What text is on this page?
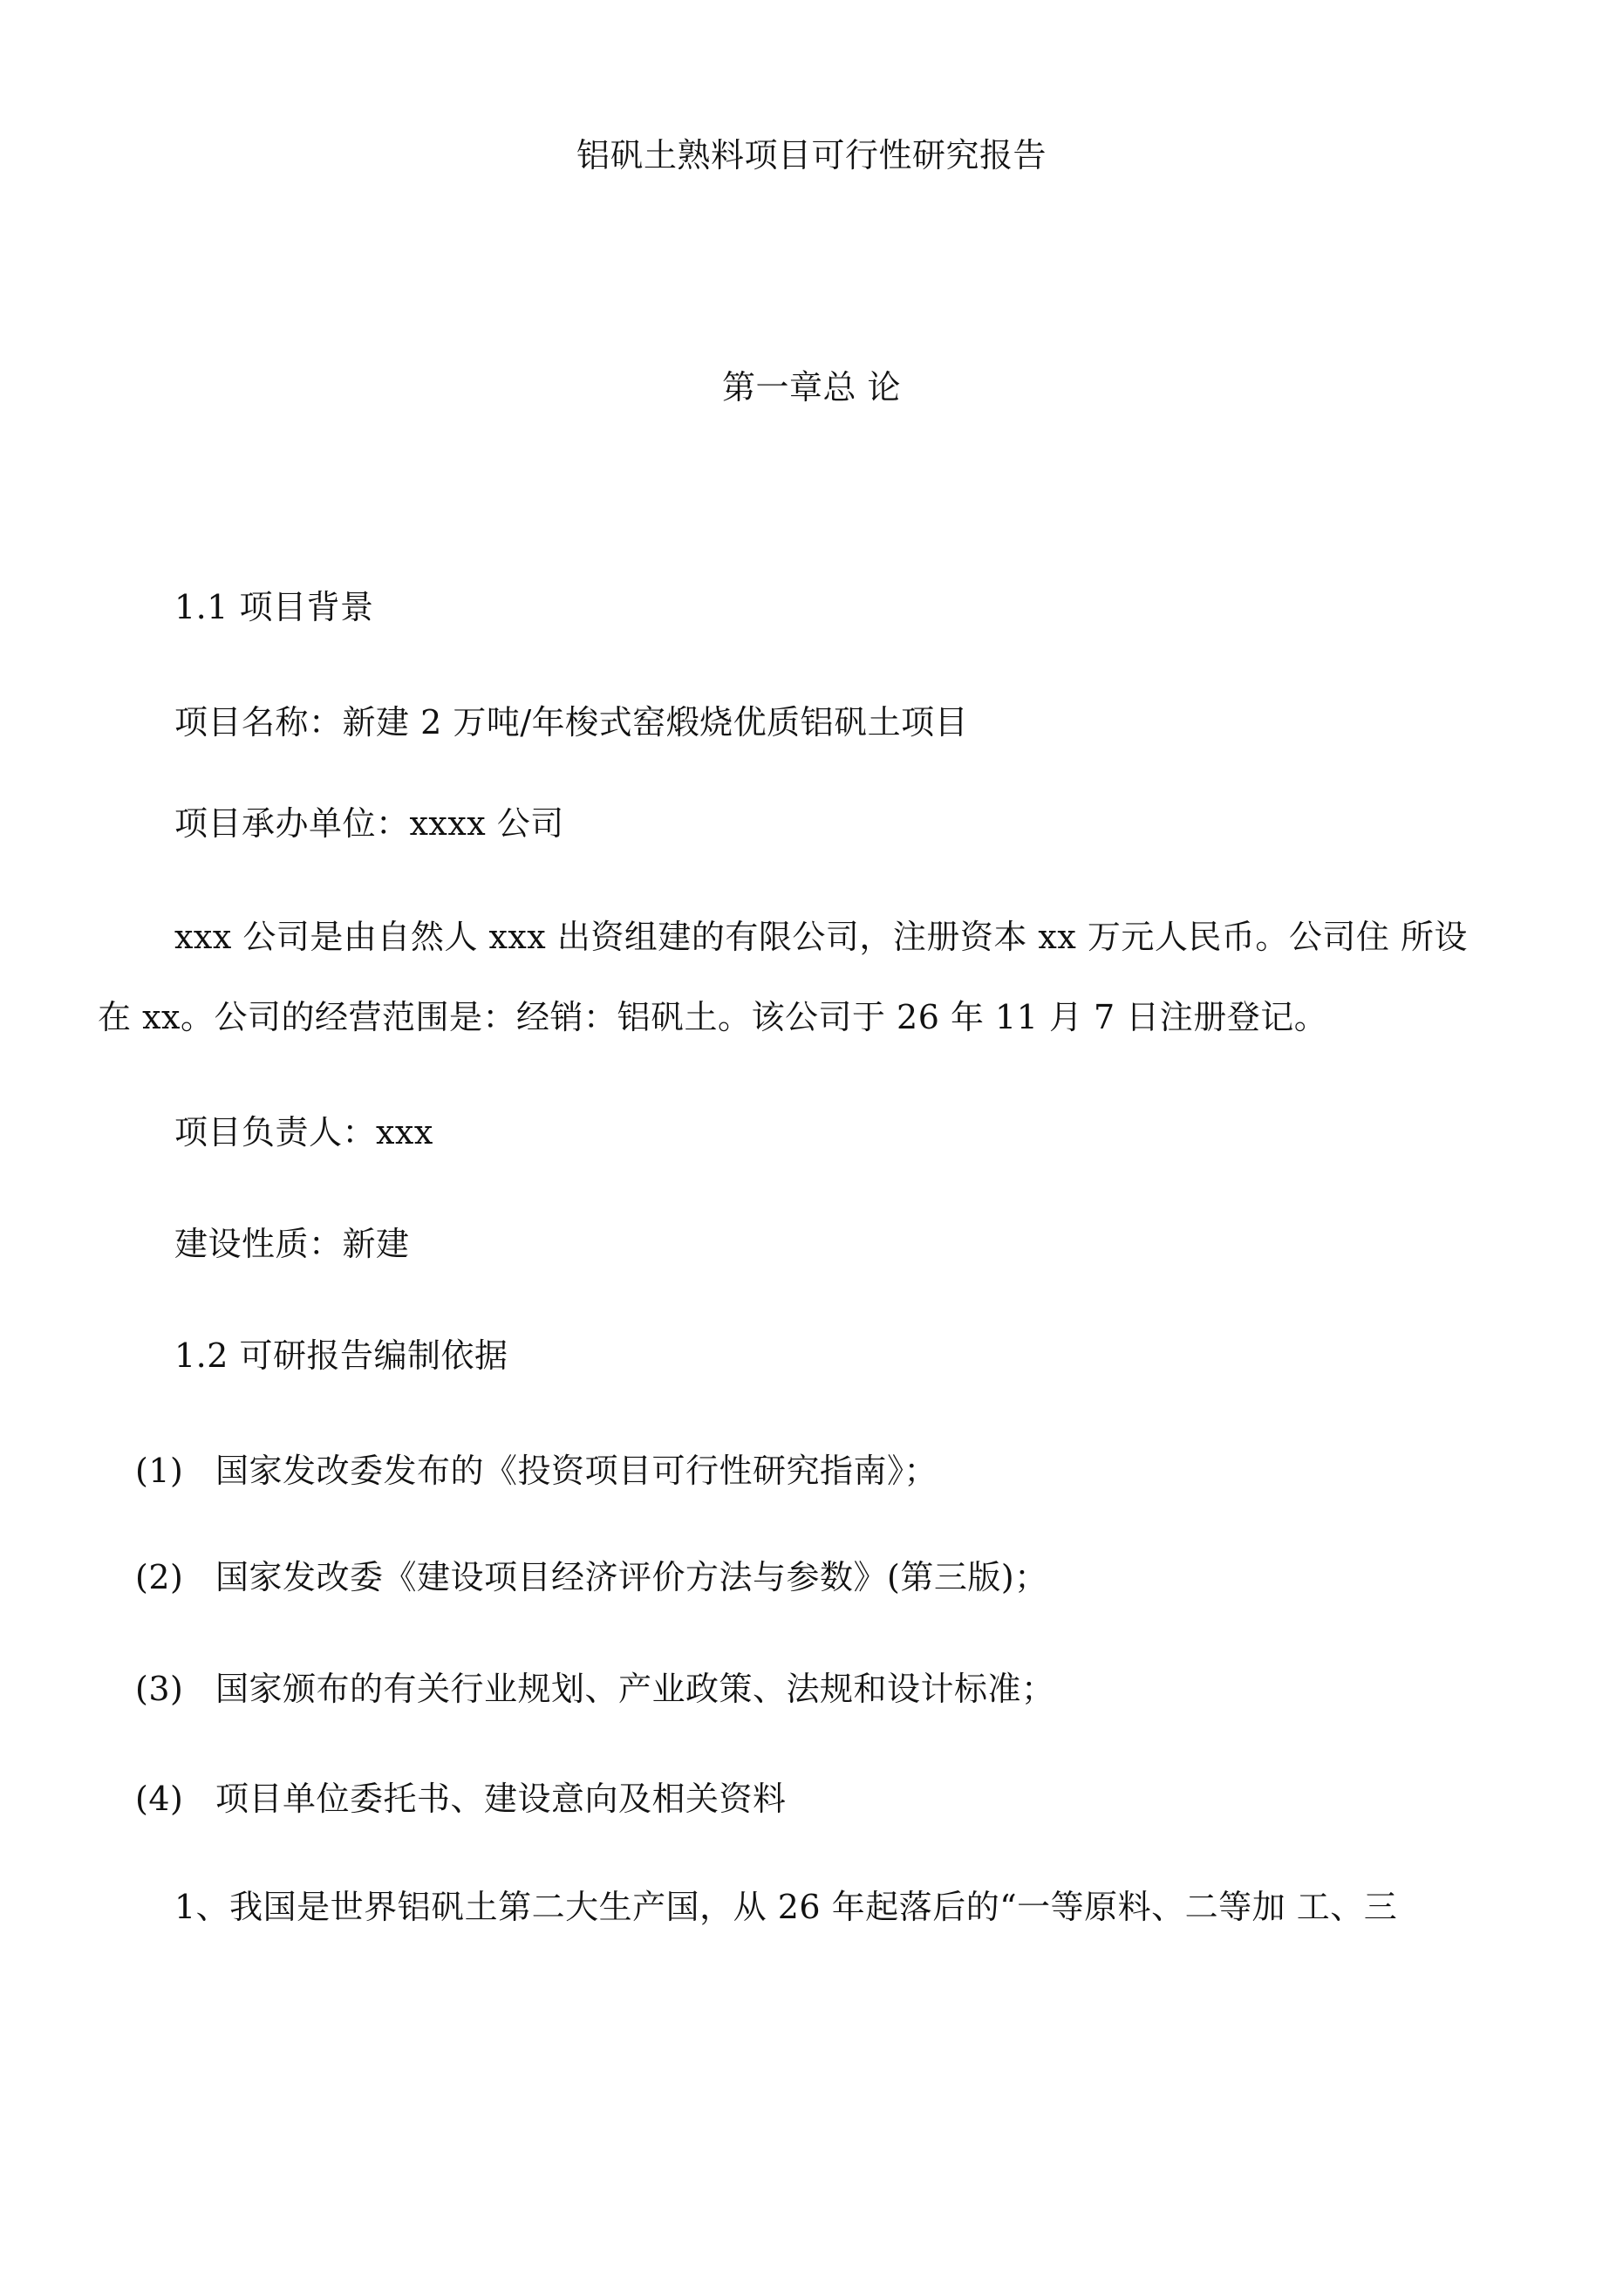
铝矾土熟料项目可行性研究报告
第一章总 论
1.1 项目背景
项目名称：新建 2 万吨/年梭式窑煅烧优质铝矾土项目
项目承办单位：xxxx 公司
xxx 公司是由自然人 xxx 出资组建的有限公司，注册资本 xx 万元人民币。公司住 所设
在 xx。公司的经营范围是：经销：铝矾土。该公司于 26 年 11 月 7 日注册登记。
项目负责人：xxx
建设性质：新建
1.2 可研报告编制依据
(1) 国家发改委发布的《投资项目可行性研究指南》；
(2) 国家发改委《建设项目经济评价方法与参数》(第三版)；
(3) 国家颁布的有关行业规划、产业政策、法规和设计标准；
(4) 项目单位委托书、建设意向及相关资料
1、我国是世界铝矾土第二大生产国，从 26 年起落后的“一等原料、二等加 工、三
